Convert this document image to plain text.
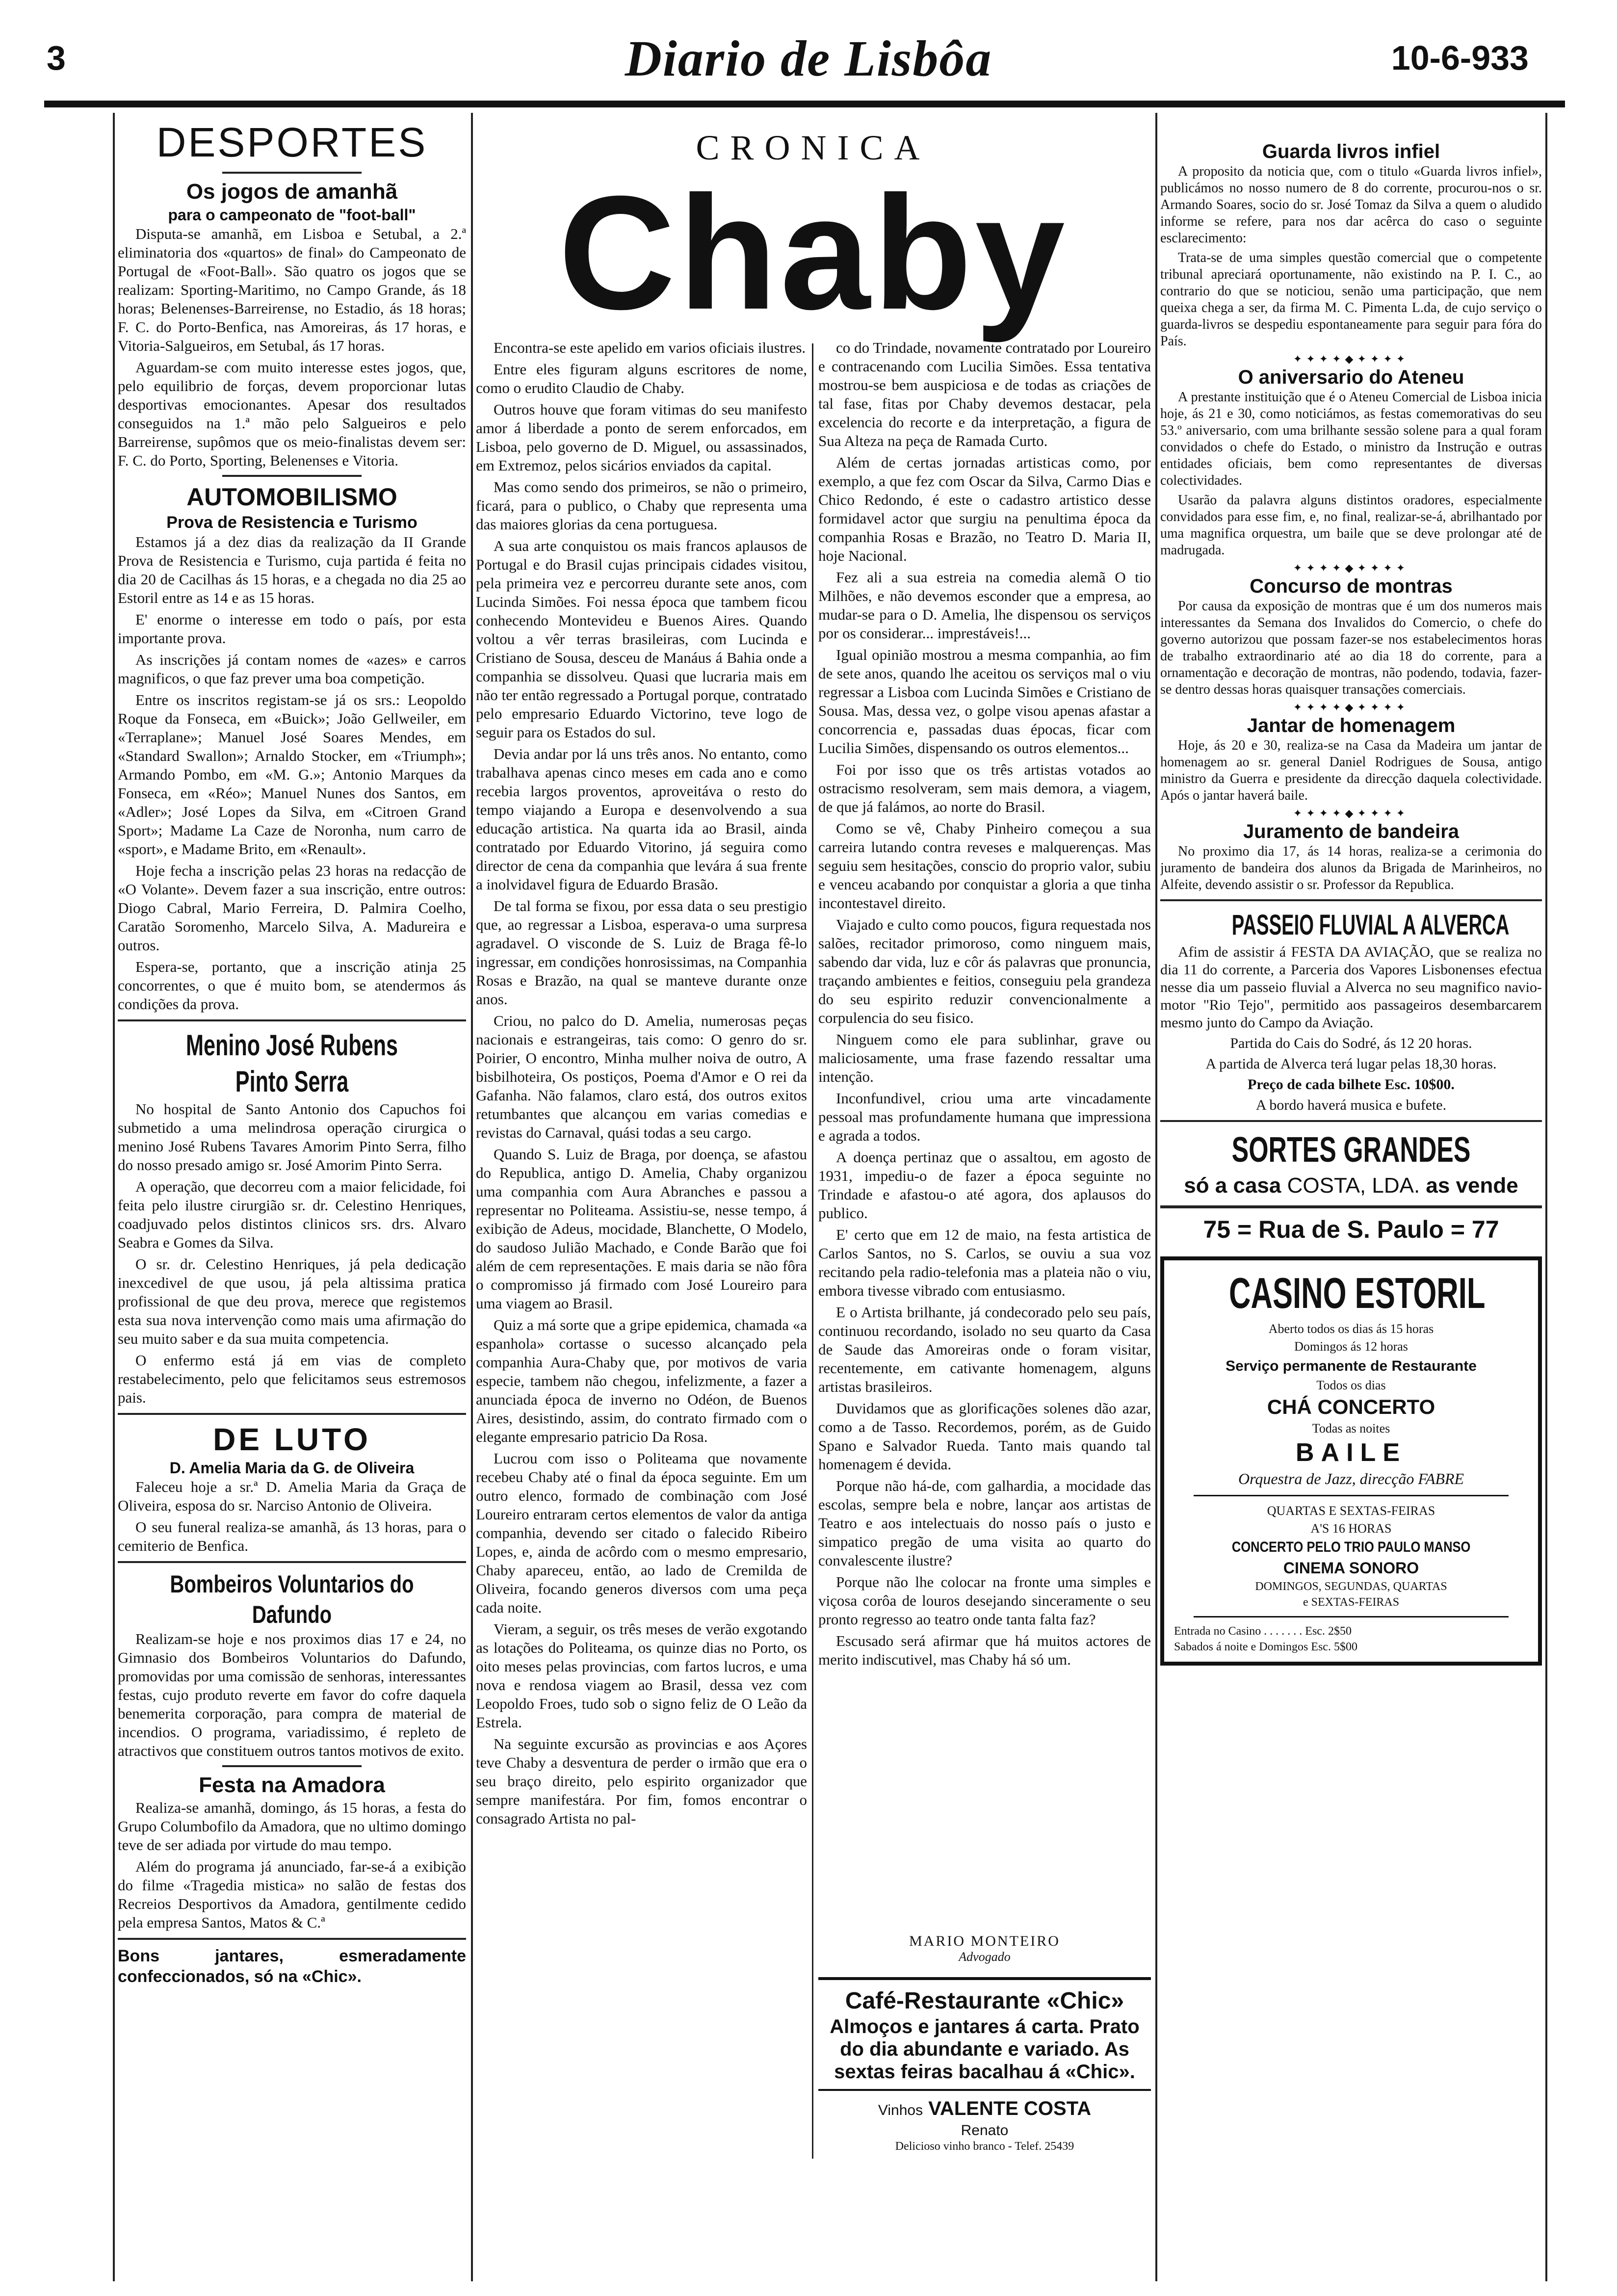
3	Diario de Lisbôa	10-6-933
DESPORTES
Os jogos de amanhã
para o campeonato de "foot-ball"

Disputa-se amanhã, em Lisboa e Setubal, a 2.ª eliminatoria dos «quartos» de final» do Campeonato de Portugal de «Foot-Ball». São quatro os jogos que se realizam: Sporting-Maritimo, no Campo Grande, ás 18 horas; Belenenses-Barreirense, no Estadio, ás 18 horas; F. C. do Porto-Benfica, nas Amoreiras, ás 17 horas, e Vitoria-Salgueiros, em Setubal, ás 17 horas.

Aguardam-se com muito interesse estes jogos, que, pelo equilibrio de forças, devem proporcionar lutas desportivas emocionantes. Apesar dos resultados conseguidos na 1.ª mão pelo Salgueiros e pelo Barreirense, supômos que os meio-finalistas devem ser: F. C. do Porto, Sporting, Belenenses e Vitoria.

AUTOMOBILISMO
Prova de Resistencia e Turismo

Estamos já a dez dias da realização da II Grande Prova de Resistencia e Turismo, cuja partida é feita no dia 20 de Cacilhas ás 15 horas, e a chegada no dia 25 ao Estoril entre as 14 e as 15 horas.

E' enorme o interesse em todo o país, por esta importante prova.

As inscrições já contam nomes de «azes» e carros magnificos, o que faz prever uma boa competição.

Entre os inscritos registam-se já os srs.: Leopoldo Roque da Fonseca, em «Buick»; João Gellweiler, em «Terraplane»; Manuel José Soares Mendes, em «Standard Swallon»; Arnaldo Stocker, em «Triumph»; Armando Pombo, em «M. G.»; Antonio Marques da Fonseca, em «Réo»; Manuel Nunes dos Santos, em «Adler»; José Lopes da Silva, em «Citroen Grand Sport»; Madame La Caze de Noronha, num carro de «sport», e Madame Brito, em «Renault».

Hoje fecha a inscrição pelas 23 horas na redacção de «O Volante». Devem fazer a sua inscrição, entre outros: Diogo Cabral, Mario Ferreira, D. Palmira Coelho, Caratão Soromenho, Marcelo Silva, A. Madureira e outros.

Espera-se, portanto, que a inscrição atinja 25 concorrentes, o que é muito bom, se atendermos ás condições da prova.

Menino José Rubens Pinto Serra

No hospital de Santo Antonio dos Capuchos foi submetido a uma melindrosa operação cirurgica o menino José Rubens Tavares Amorim Pinto Serra, filho do nosso presado amigo sr. José Amorim Pinto Serra.

A operação, que decorreu com a maior felicidade, foi feita pelo ilustre cirurgião sr. dr. Celestino Henriques, coadjuvado pelos distintos clinicos srs. drs. Alvaro Seabra e Gomes da Silva.

O sr. dr. Celestino Henriques, já pela dedicação inexcedivel de que usou, já pela altissima pratica profissional de que deu prova, merece que registemos esta sua nova intervenção como mais uma afirmação do seu muito saber e da sua muita competencia.

O enfermo está já em vias de completo restabelecimento, pelo que felicitamos seus estremosos pais.

DE LUTO
D. Amelia Maria da G. de Oliveira

Faleceu hoje a sr.ª D. Amelia Maria da Graça de Oliveira, esposa do sr. Narciso Antonio de Oliveira.

O seu funeral realiza-se amanhã, ás 13 horas, para o cemiterio de Benfica.

Bombeiros Voluntarios do Dafundo

Realizam-se hoje e nos proximos dias 17 e 24, no Gimnasio dos Bombeiros Voluntarios do Dafundo, promovidas por uma comissão de senhoras, interessantes festas, cujo produto reverte em favor do cofre daquela benemerita corporação, para compra de material de incendios. O programa, variadissimo, é repleto de atractivos que constituem outros tantos motivos de exito.

Festa na Amadora

Realiza-se amanhã, domingo, ás 15 horas, a festa do Grupo Columbofilo da Amadora, que no ultimo domingo teve de ser adiada por virtude do mau tempo.

Além do programa já anunciado, far-se-á a exibição do filme «Tragedia mistica» no salão de festas dos Recreios Desportivos da Amadora, gentilmente cedido pela empresa Santos, Matos & C.ª

Bons jantares, esmeradamente confeccionados, só na «Chic».
CRONICA
Chaby

Encontra-se este apelido em varios oficiais ilustres.

Entre eles figuram alguns escritores de nome, como o erudito Claudio de Chaby.

Outros houve que foram vitimas do seu manifesto amor á liberdade a ponto de serem enforcados, em Lisboa, pelo governo de D. Miguel, ou assassinados, em Extremoz, pelos sicários enviados da capital.

Mas como sendo dos primeiros, se não o primeiro, ficará, para o publico, o Chaby que representa uma das maiores glorias da cena portuguesa.

A sua arte conquistou os mais francos aplausos de Portugal e do Brasil cujas principais cidades visitou, pela primeira vez e percorreu durante sete anos, com Lucinda Simões. Foi nessa época que tambem ficou conhecendo Montevideu e Buenos Aires. Quando voltou a vêr terras brasileiras, com Lucinda e Cristiano de Sousa, desceu de Manáus á Bahia onde a companhia se dissolveu. Quasi que lucraria mais em não ter então regressado a Portugal porque, contratado pelo empresario Eduardo Victorino, teve logo de seguir para os Estados do sul.

Devia andar por lá uns três anos. No entanto, como trabalhava apenas cinco meses em cada ano e como recebia largos proventos, aproveitáva o resto do tempo viajando a Europa e desenvolvendo a sua educação artistica. Na quarta ida ao Brasil, ainda contratado por Eduardo Vitorino, já seguira como director de cena da companhia que levára á sua frente a inolvidavel figura de Eduardo Brasão.

De tal forma se fixou, por essa data o seu prestigio que, ao regressar a Lisboa, esperava-o uma surpresa agradavel. O visconde de S. Luiz de Braga fê-lo ingressar, em condições honrosissimas, na Companhia Rosas e Brazão, na qual se manteve durante onze anos.

Criou, no palco do D. Amelia, numerosas peças nacionais e estrangeiras, tais como: O genro do sr. Poirier, O encontro, Minha mulher noiva de outro, A bisbilhoteira, Os postiços, Poema d'Amor e O rei da Gafanha. Não falamos, claro está, dos outros exitos retumbantes que alcançou em varias comedias e revistas do Carnaval, quási todas a seu cargo.

Quando S. Luiz de Braga, por doença, se afastou do Republica, antigo D. Amelia, Chaby organizou uma companhia com Aura Abranches e passou a representar no Politeama. Assistiu-se, nesse tempo, á exibição de Adeus, mocidade, Blanchette, O Modelo, do saudoso Julião Machado, e Conde Barão que foi além de cem representações. E mais daria se não fôra o compromisso já firmado com José Loureiro para uma viagem ao Brasil.

Quiz a má sorte que a gripe epidemica, chamada «a espanhola» cortasse o sucesso alcançado pela companhia Aura-Chaby que, por motivos de varia especie, tambem não chegou, infelizmente, a fazer a anunciada época de inverno no Odéon, de Buenos Aires, desistindo, assim, do contrato firmado com o elegante empresario patricio Da Rosa.

Lucrou com isso o Politeama que novamente recebeu Chaby até o final da época seguinte. Em um outro elenco, formado de combinação com José Loureiro entraram certos elementos de valor da antiga companhia, devendo ser citado o falecido Ribeiro Lopes, e, ainda de acôrdo com o mesmo empresario, Chaby apareceu, então, ao lado de Cremilda de Oliveira, focando generos diversos com uma peça cada noite.

Vieram, a seguir, os três meses de verão exgotando as lotações do Politeama, os quinze dias no Porto, os oito meses pelas provincias, com fartos lucros, e uma nova e rendosa viagem ao Brasil, dessa vez com Leopoldo Froes, tudo sob o signo feliz de O Leão da Estrela.

Na seguinte excursão as provincias e aos Açores teve Chaby a desventura de perder o irmão que era o seu braço direito, pelo espirito organizador que sempre manifestára. Por fim, fomos encontrar o consagrado Artista no pal-

co do Trindade, novamente contratado por Loureiro e contracenando com Lucilia Simões. Essa tentativa mostrou-se bem auspiciosa e de todas as criações de tal fase, fitas por Chaby devemos destacar, pela excelencia do recorte e da interpretação, a figura de Sua Alteza na peça de Ramada Curto.

Além de certas jornadas artisticas como, por exemplo, a que fez com Oscar da Silva, Carmo Dias e Chico Redondo, é este o cadastro artistico desse formidavel actor que surgiu na penultima época da companhia Rosas e Brazão, no Teatro D. Maria II, hoje Nacional.

Fez ali a sua estreia na comedia alemã O tio Milhões, e não devemos esconder que a empresa, ao mudar-se para o D. Amelia, lhe dispensou os serviços por os considerar... imprestáveis!...

Igual opinião mostrou a mesma companhia, ao fim de sete anos, quando lhe aceitou os serviços mal o viu regressar a Lisboa com Lucinda Simões e Cristiano de Sousa. Mas, dessa vez, o golpe visou apenas afastar a concorrencia e, passadas duas épocas, ficar com Lucilia Simões, dispensando os outros elementos...

Foi por isso que os três artistas votados ao ostracismo resolveram, sem mais demora, a viagem, de que já falámos, ao norte do Brasil.

Como se vê, Chaby Pinheiro começou a sua carreira lutando contra reveses e malquerenças. Mas seguiu sem hesitações, conscio do proprio valor, subiu e venceu acabando por conquistar a gloria a que tinha incontestavel direito.

Viajado e culto como poucos, figura requestada nos salões, recitador primoroso, como ninguem mais, sabendo dar vida, luz e côr ás palavras que pronuncia, traçando ambientes e feitios, conseguiu pela grandeza do seu espirito reduzir convencionalmente a corpulencia do seu fisico.

Ninguem como ele para sublinhar, grave ou maliciosamente, uma frase fazendo ressaltar uma intenção.

Inconfundivel, criou uma arte vincadamente pessoal mas profundamente humana que impressiona e agrada a todos.

A doença pertinaz que o assaltou, em agosto de 1931, impediu-o de fazer a época seguinte no Trindade e afastou-o até agora, dos aplausos do publico.

E' certo que em 12 de maio, na festa artistica de Carlos Santos, no S. Carlos, se ouviu a sua voz recitando pela radio-telefonia mas a plateia não o viu, embora tivesse vibrado com entusiasmo.

E o Artista brilhante, já condecorado pelo seu país, continuou recordando, isolado no seu quarto da Casa de Saude das Amoreiras onde o foram visitar, recentemente, em cativante homenagem, alguns artistas brasileiros.

Duvidamos que as glorificações solenes dão azar, como a de Tasso. Recordemos, porém, as de Guido Spano e Salvador Rueda. Tanto mais quando tal homenagem é devida.

Porque não há-de, com galhardia, a mocidade das escolas, sempre bela e nobre, lançar aos artistas de Teatro e aos intelectuais do nosso país o justo e simpatico pregão de uma visita ao quarto do convalescente ilustre?

Porque não lhe colocar na fronte uma simples e viçosa corôa de louros desejando sinceramente o seu pronto regresso ao teatro onde tanta falta faz?

Escusado será afirmar que há muitos actores de merito indiscutivel, mas Chaby há só um.

MARIO MONTEIRO
Advogado
Café-Restaurante «Chic»
Almoços e jantares á carta. Prato do dia abundante e variado. As sextas feiras bacalhau á «Chic».
Vinhos VALENTE COSTA
Renato
Delicioso vinho branco - Telef. 25439
Guarda livros infiel

A proposito da noticia que, com o titulo «Guarda livros infiel», publicámos no nosso numero de 8 do corrente, procurou-nos o sr. Armando Soares, socio do sr. José Tomaz da Silva a quem o aludido informe se refere, para nos dar acêrca do caso o seguinte esclarecimento:

Trata-se de uma simples questão comercial que o competente tribunal apreciará oportunamente, não existindo na P. I. C., ao contrario do que se noticiou, senão uma participação, que nem queixa chega a ser, da firma M. C. Pimenta L.da, de cujo serviço o guarda-livros se despediu espontaneamente para seguir para fóra do País.

✦✦✦✦◆✦✦✦✦
O aniversario do Ateneu

A prestante instituição que é o Ateneu Comercial de Lisboa inicia hoje, ás 21 e 30, como noticiámos, as festas comemorativas do seu 53.º aniversario, com uma brilhante sessão solene para a qual foram convidados o chefe do Estado, o ministro da Instrução e outras entidades oficiais, bem como representantes de diversas colectividades.

Usarão da palavra alguns distintos oradores, especialmente convidados para esse fim, e, no final, realizar-se-á, abrilhantado por uma magnifica orquestra, um baile que se deve prolongar até de madrugada.

✦✦✦✦◆✦✦✦✦
Concurso de montras

Por causa da exposição de montras que é um dos numeros mais interessantes da Semana dos Invalidos do Comercio, o chefe do governo autorizou que possam fazer-se nos estabelecimentos horas de trabalho extraordinario até ao dia 18 do corrente, para a ornamentação e decoração de montras, não podendo, todavia, fazer-se dentro dessas horas quaisquer transações comerciais.

✦✦✦✦◆✦✦✦✦
Jantar de homenagem

Hoje, ás 20 e 30, realiza-se na Casa da Madeira um jantar de homenagem ao sr. general Daniel Rodrigues de Sousa, antigo ministro da Guerra e presidente da direcção daquela colectividade. Após o jantar haverá baile.

✦✦✦✦◆✦✦✦✦
Juramento de bandeira

No proximo dia 17, ás 14 horas, realiza-se a cerimonia do juramento de bandeira dos alunos da Brigada de Marinheiros, no Alfeite, devendo assistir o sr. Professor da Republica.

PASSEIO FLUVIAL A ALVERCA

Afim de assistir á FESTA DA AVIAÇÃO, que se realiza no dia 11 do corrente, a Parceria dos Vapores Lisbonenses efectua nesse dia um passeio fluvial a Alverca no seu magnifico navio-motor "Rio Tejo", permitido aos passageiros desembarcarem mesmo junto do Campo da Aviação.

Partida do Cais do Sodré, ás 12 20 horas.

A partida de Alverca terá lugar pelas 18,30 horas.

Preço de cada bilhete Esc. 10$00.

A bordo haverá musica e bufete.

SORTES GRANDES
só a casa COSTA, LDA. as vende
75 = Rua de S. Paulo = 77
CASINO ESTORIL
Aberto todos os dias ás 15 horas
Domingos ás 12 horas
Serviço permanente de Restaurante
Todos os dias
CHÁ CONCERTO
Todas as noites
BAILE
Orquestra de Jazz, direcção FABRE
QUARTAS E SEXTAS-FEIRAS
A'S 16 HORAS
CONCERTO PELO TRIO PAULO MANSO
CINEMA SONORO
DOMINGOS, SEGUNDAS, QUARTAS
e SEXTAS-FEIRAS
Entrada no Casino . . . . . . . Esc. 2$50
Sabados á noite e Domingos Esc. 5$00
